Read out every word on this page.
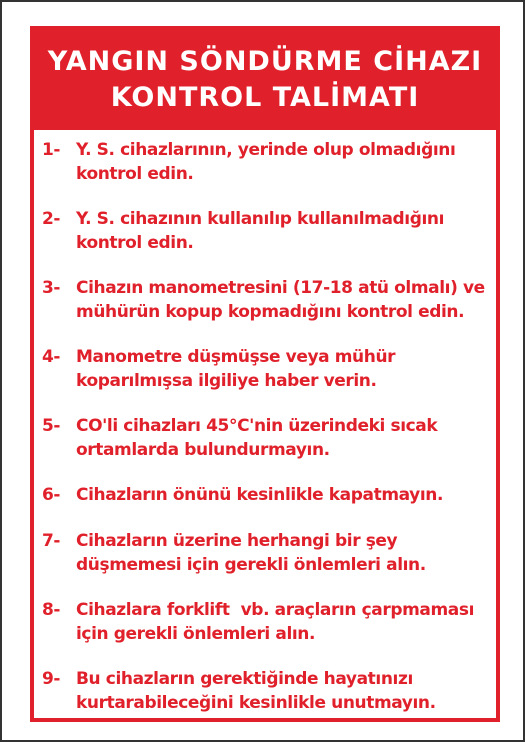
YANGIN SÖNDÜRME CİHAZI
KONTROL TALİMATI
1- Y. S. cihazlarının, yerinde olup olmadığını
kontrol edin.
2- Y. S. cihazının kullanılıp kullanılmadığını
kontrol edin.
3- Cihazın manometresini (17-18 atü olmalı) ve
mühürün kopup kopmadığını kontrol edin.
4- Manometre düşmüşse veya mühür
koparılmışsa ilgiliye haber verin.
5- CO'li cihazları 45°C'nin üzerindeki sıcak
ortamlarda bulundurmayın.
6- Cihazların önünü kesinlikle kapatmayın.
7- Cihazların üzerine herhangi bir şey
düşmemesi için gerekli önlemleri alın.
8- Cihazlara forklift  vb. araçların çarpmaması
için gerekli önlemleri alın.
9- Bu cihazların gerektiğinde hayatınızı
kurtarabileceğini kesinlikle unutmayın.
